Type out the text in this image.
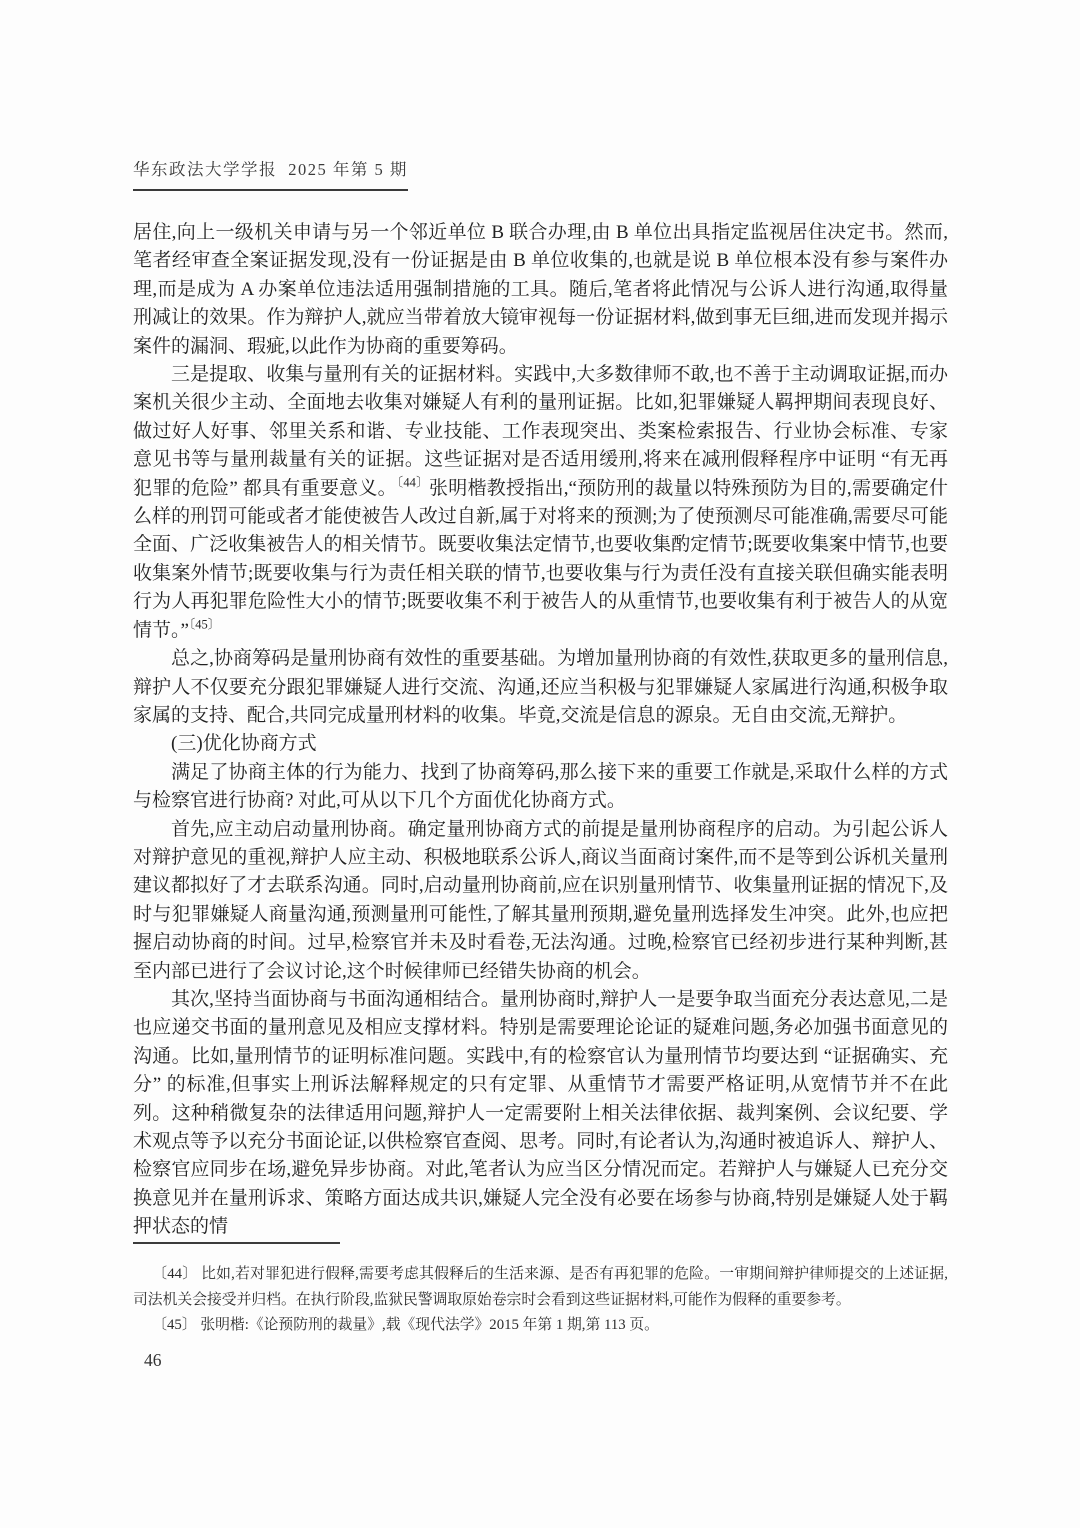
华东政法大学学报  2025 年第 5 期

居住,向上一级机关申请与另一个邻近单位 B 联合办理,由 B 单位出具指定监视居住决定书。然而,笔者经审查全案证据发现,没有一份证据是由 B 单位收集的,也就是说 B 单位根本没有参与案件办理,而是成为 A 办案单位违法适用强制措施的工具。随后,笔者将此情况与公诉人进行沟通,取得量刑减让的效果。作为辩护人,就应当带着放大镜审视每一份证据材料,做到事无巨细,进而发现并揭示案件的漏洞、瑕疵,以此作为协商的重要筹码。

三是提取、收集与量刑有关的证据材料。实践中,大多数律师不敢,也不善于主动调取证据,而办案机关很少主动、全面地去收集对嫌疑人有利的量刑证据。比如,犯罪嫌疑人羁押期间表现良好、做过好人好事、邻里关系和谐、专业技能、工作表现突出、类案检索报告、行业协会标准、专家意见书等与量刑裁量有关的证据。这些证据对是否适用缓刑,将来在减刑假释程序中证明 “有无再犯罪的危险” 都具有重要意义。$^{〔44〕}$张明楷教授指出,“预防刑的裁量以特殊预防为目的,需要确定什么样的刑罚可能或者才能使被告人改过自新,属于对将来的预测;为了使预测尽可能准确,需要尽可能全面、广泛收集被告人的相关情节。既要收集法定情节,也要收集酌定情节;既要收集案中情节,也要收集案外情节;既要收集与行为责任相关联的情节,也要收集与行为责任没有直接关联但确实能表明行为人再犯罪危险性大小的情节;既要收集不利于被告人的从重情节,也要收集有利于被告人的从宽情节。”$^{〔45〕}$

总之,协商筹码是量刑协商有效性的重要基础。为增加量刑协商的有效性,获取更多的量刑信息,辩护人不仅要充分跟犯罪嫌疑人进行交流、沟通,还应当积极与犯罪嫌疑人家属进行沟通,积极争取家属的支持、配合,共同完成量刑材料的收集。毕竟,交流是信息的源泉。无自由交流,无辩护。

(三)优化协商方式

满足了协商主体的行为能力、找到了协商筹码,那么接下来的重要工作就是,采取什么样的方式与检察官进行协商? 对此,可从以下几个方面优化协商方式。

首先,应主动启动量刑协商。确定量刑协商方式的前提是量刑协商程序的启动。为引起公诉人对辩护意见的重视,辩护人应主动、积极地联系公诉人,商议当面商讨案件,而不是等到公诉机关量刑建议都拟好了才去联系沟通。同时,启动量刑协商前,应在识别量刑情节、收集量刑证据的情况下,及时与犯罪嫌疑人商量沟通,预测量刑可能性,了解其量刑预期,避免量刑选择发生冲突。此外,也应把握启动协商的时间。过早,检察官并未及时看卷,无法沟通。过晚,检察官已经初步进行某种判断,甚至内部已进行了会议讨论,这个时候律师已经错失协商的机会。

其次,坚持当面协商与书面沟通相结合。量刑协商时,辩护人一是要争取当面充分表达意见,二是也应递交书面的量刑意见及相应支撑材料。特别是需要理论论证的疑难问题,务必加强书面意见的沟通。比如,量刑情节的证明标准问题。实践中,有的检察官认为量刑情节均要达到 “证据确实、充分” 的标准,但事实上刑诉法解释规定的只有定罪、从重情节才需要严格证明,从宽情节并不在此列。这种稍微复杂的法律适用问题,辩护人一定需要附上相关法律依据、裁判案例、会议纪要、学术观点等予以充分书面论证,以供检察官查阅、思考。同时,有论者认为,沟通时被追诉人、辩护人、检察官应同步在场,避免异步协商。对此,笔者认为应当区分情况而定。若辩护人与嫌疑人已充分交换意见并在量刑诉求、策略方面达成共识,嫌疑人完全没有必要在场参与协商,特别是嫌疑人处于羁押状态的情

〔44〕 比如,若对罪犯进行假释,需要考虑其假释后的生活来源、是否有再犯罪的危险。一审期间辩护律师提交的上述证据,司法机关会接受并归档。在执行阶段,监狱民警调取原始卷宗时会看到这些证据材料,可能作为假释的重要参考。

〔45〕 张明楷:《论预防刑的裁量》,载《现代法学》2015 年第 1 期,第 113 页。

46
